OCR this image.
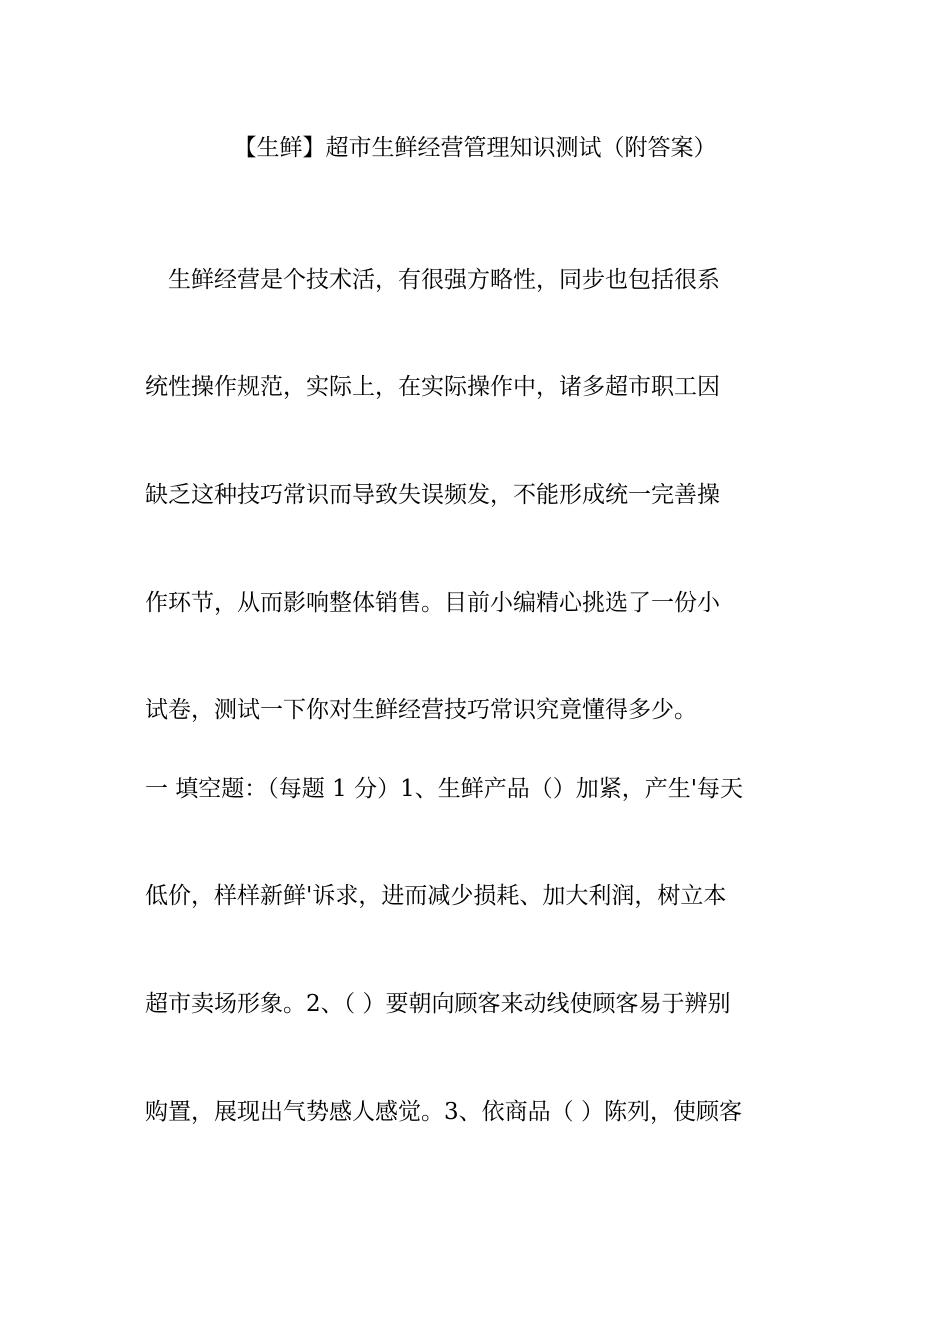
【生鲜】超市生鲜经营管理知识测试（附答案）
　生鲜经营是个技术活，有很强方略性，同步也包括很系
统性操作规范，实际上，在实际操作中，诸多超市职工因
缺乏这种技巧常识而导致失误频发，不能形成统一完善操
作环节，从而影响整体销售。目前小编精心挑选了一份小
试卷，测试一下你对生鲜经营技巧常识究竟懂得多少。
一 填空题：（每题 1 分）1、生鲜产品（）加紧，产生'每天
低价，样样新鲜'诉求，进而减少损耗、加大利润，树立本
超市卖场形象。2、（ ）要朝向顾客来动线使顾客易于辨别
购置，展现出气势感人感觉。3、依商品（ ）陈列，使顾客
